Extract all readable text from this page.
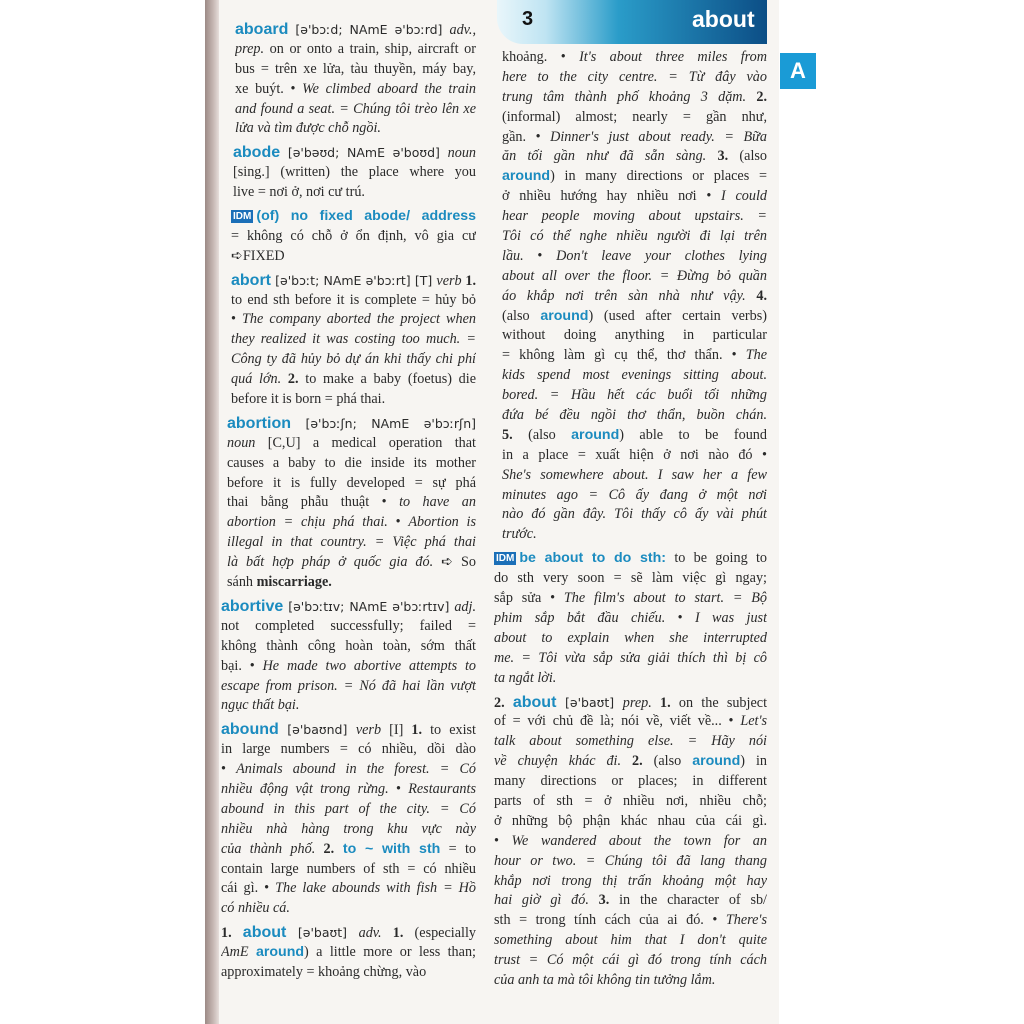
3	about
A
aboard [ə'bɔːd; NAmE ə'bɔːrd] adv.,
prep. on or onto a train, ship, aircraft or
bus = trên xe lửa, tàu thuyền, máy bay,
xe buýt. • We climbed aboard the train
and found a seat. = Chúng tôi trèo lên xe
lửa và tìm được chỗ ngồi.
abode [ə'bəʊd; NAmE ə'boʊd] noun
[sing.] (written) the place where you
live = nơi ở, nơi cư trú.
IDM (of) no fixed abode/ address
= không có chỗ ở ổn định, vô gia cư
➪FIXED
abort [ə'bɔːt; NAmE ə'bɔːrt] [T] verb 1.
to end sth before it is complete = hủy bỏ
• The company aborted the project when
they realized it was costing too much. =
Công ty đã hủy bỏ dự án khi thấy chi phí
quá lớn. 2. to make a baby (foetus) die
before it is born = phá thai.
abortion [ə'bɔːʃn; NAmE ə'bɔːrʃn]
noun [C,U] a medical operation that
causes a baby to die inside its mother
before it is fully developed = sự phá
thai bằng phẫu thuật • to have an
abortion = chịu phá thai. • Abortion is
illegal in that country. = Việc phá thai
là bất hợp pháp ở quốc gia đó. ➪ So
sánh miscarriage.
abortive [ə'bɔːtɪv; NAmE ə'bɔːrtɪv] adj.
not completed successfully; failed =
không thành công hoàn toàn, sớm thất
bại. • He made two abortive attempts to
escape from prison. = Nó đã hai lần vượt
ngục thất bại.
abound [ə'baʊnd] verb [I] 1. to exist
in large numbers = có nhiều, dồi dào
• Animals abound in the forest. = Có
nhiều động vật trong rừng. • Restaurants
abound in this part of the city. = Có
nhiều nhà hàng trong khu vực này
của thành phố. 2. to ~ with sth = to
contain large numbers of sth = có nhiều
cái gì. • The lake abounds with fish = Hồ
có nhiều cá.
1. about [ə'baʊt] adv. 1. (especially
AmE around) a little more or less than;
approximately = khoảng chừng, vào
khoảng. • It's about three miles from
here to the city centre. = Từ đây vào
trung tâm thành phố khoảng 3 dặm. 2.
(informal) almost; nearly = gần như,
gần. • Dinner's just about ready. = Bữa
ăn tối gần như đã sẵn sàng. 3. (also
around) in many directions or places =
ở nhiều hướng hay nhiều nơi • I could
hear people moving about upstairs. =
Tôi có thể nghe nhiều người đi lại trên
lầu. • Don't leave your clothes lying
about all over the floor. = Đừng bỏ quần
áo khắp nơi trên sàn nhà như vậy. 4.
(also around) (used after certain verbs)
without doing anything in particular
= không làm gì cụ thể, thơ thẩn. • The
kids spend most evenings sitting about.
bored. = Hầu hết các buổi tối những
đứa bé đều ngồi thơ thẩn, buồn chán.
5. (also around) able to be found
in a place = xuất hiện ở nơi nào đó •
She's somewhere about. I saw her a few
minutes ago = Cô ấy đang ở một nơi
nào đó gần đây. Tôi thấy cô ấy vài phút
trước.
IDM be about to do sth: to be going to
do sth very soon = sẽ làm việc gì ngay;
sắp sửa • The film's about to start. = Bộ
phim sắp bắt đầu chiếu. • I was just
about to explain when she interrupted
me. = Tôi vừa sắp sửa giải thích thì bị cô
ta ngắt lời.
2. about [ə'baʊt] prep. 1. on the subject
of = với chủ đề là; nói về, viết về... • Let's
talk about something else. = Hãy nói
về chuyện khác đi. 2. (also around) in
many directions or places; in different
parts of sth = ở nhiều nơi, nhiều chỗ;
ở những bộ phận khác nhau của cái gì.
• We wandered about the town for an
hour or two. = Chúng tôi đã lang thang
khắp nơi trong thị trấn khoảng một hay
hai giờ gì đó. 3. in the character of sb/
sth = trong tính cách của ai đó. • There's
something about him that I don't quite
trust = Có một cái gì đó trong tính cách
của anh ta mà tôi không tin tưởng lắm.
